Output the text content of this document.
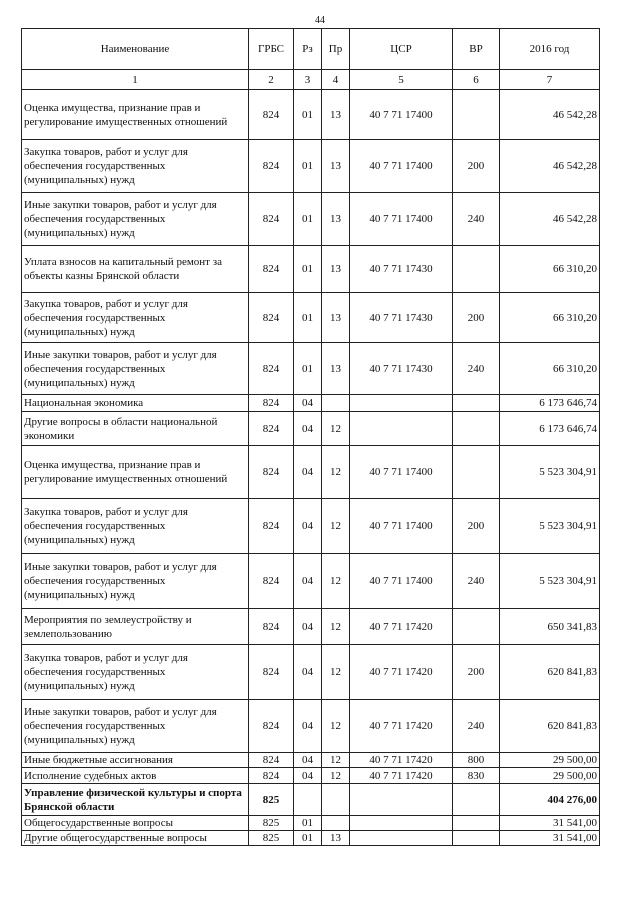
44
Наименование	ГРБС	Рз	Пр	ЦСР	ВР	2016 год
1	2	3	4	5	6	7
Оценка имущества, признание прав и регулирование имущественных отношений	824	01	13	40 7 71 17400		46 542,28
Закупка товаров, работ и услуг для обеспечения государственных (муниципальных) нужд	824	01	13	40 7 71 17400	200	46 542,28
Иные закупки товаров, работ и услуг для обеспечения государственных (муниципальных) нужд	824	01	13	40 7 71 17400	240	46 542,28
Уплата взносов на капитальный ремонт за объекты казны Брянской области	824	01	13	40 7 71 17430		66 310,20
Закупка товаров, работ и услуг для обеспечения государственных (муниципальных) нужд	824	01	13	40 7 71 17430	200	66 310,20
Иные закупки товаров, работ и услуг для обеспечения государственных (муниципальных) нужд	824	01	13	40 7 71 17430	240	66 310,20
Национальная экономика	824	04				6 173 646,74
Другие вопросы в области национальной экономики	824	04	12			6 173 646,74
Оценка имущества, признание прав и регулирование имущественных отношений	824	04	12	40 7 71 17400		5 523 304,91
Закупка товаров, работ и услуг для обеспечения государственных (муниципальных) нужд	824	04	12	40 7 71 17400	200	5 523 304,91
Иные закупки товаров, работ и услуг для обеспечения государственных (муниципальных) нужд	824	04	12	40 7 71 17400	240	5 523 304,91
Мероприятия по землеустройству и землепользованию	824	04	12	40 7 71 17420		650 341,83
Закупка товаров, работ и услуг для обеспечения государственных (муниципальных) нужд	824	04	12	40 7 71 17420	200	620 841,83
Иные закупки товаров, работ и услуг для обеспечения государственных (муниципальных) нужд	824	04	12	40 7 71 17420	240	620 841,83
Иные бюджетные ассигнования	824	04	12	40 7 71 17420	800	29 500,00
Исполнение судебных актов	824	04	12	40 7 71 17420	830	29 500,00
Управление физической культуры и спорта Брянской области	825					404 276,00
Общегосударственные вопросы	825	01				31 541,00
Другие общегосударственные вопросы	825	01	13			31 541,00
